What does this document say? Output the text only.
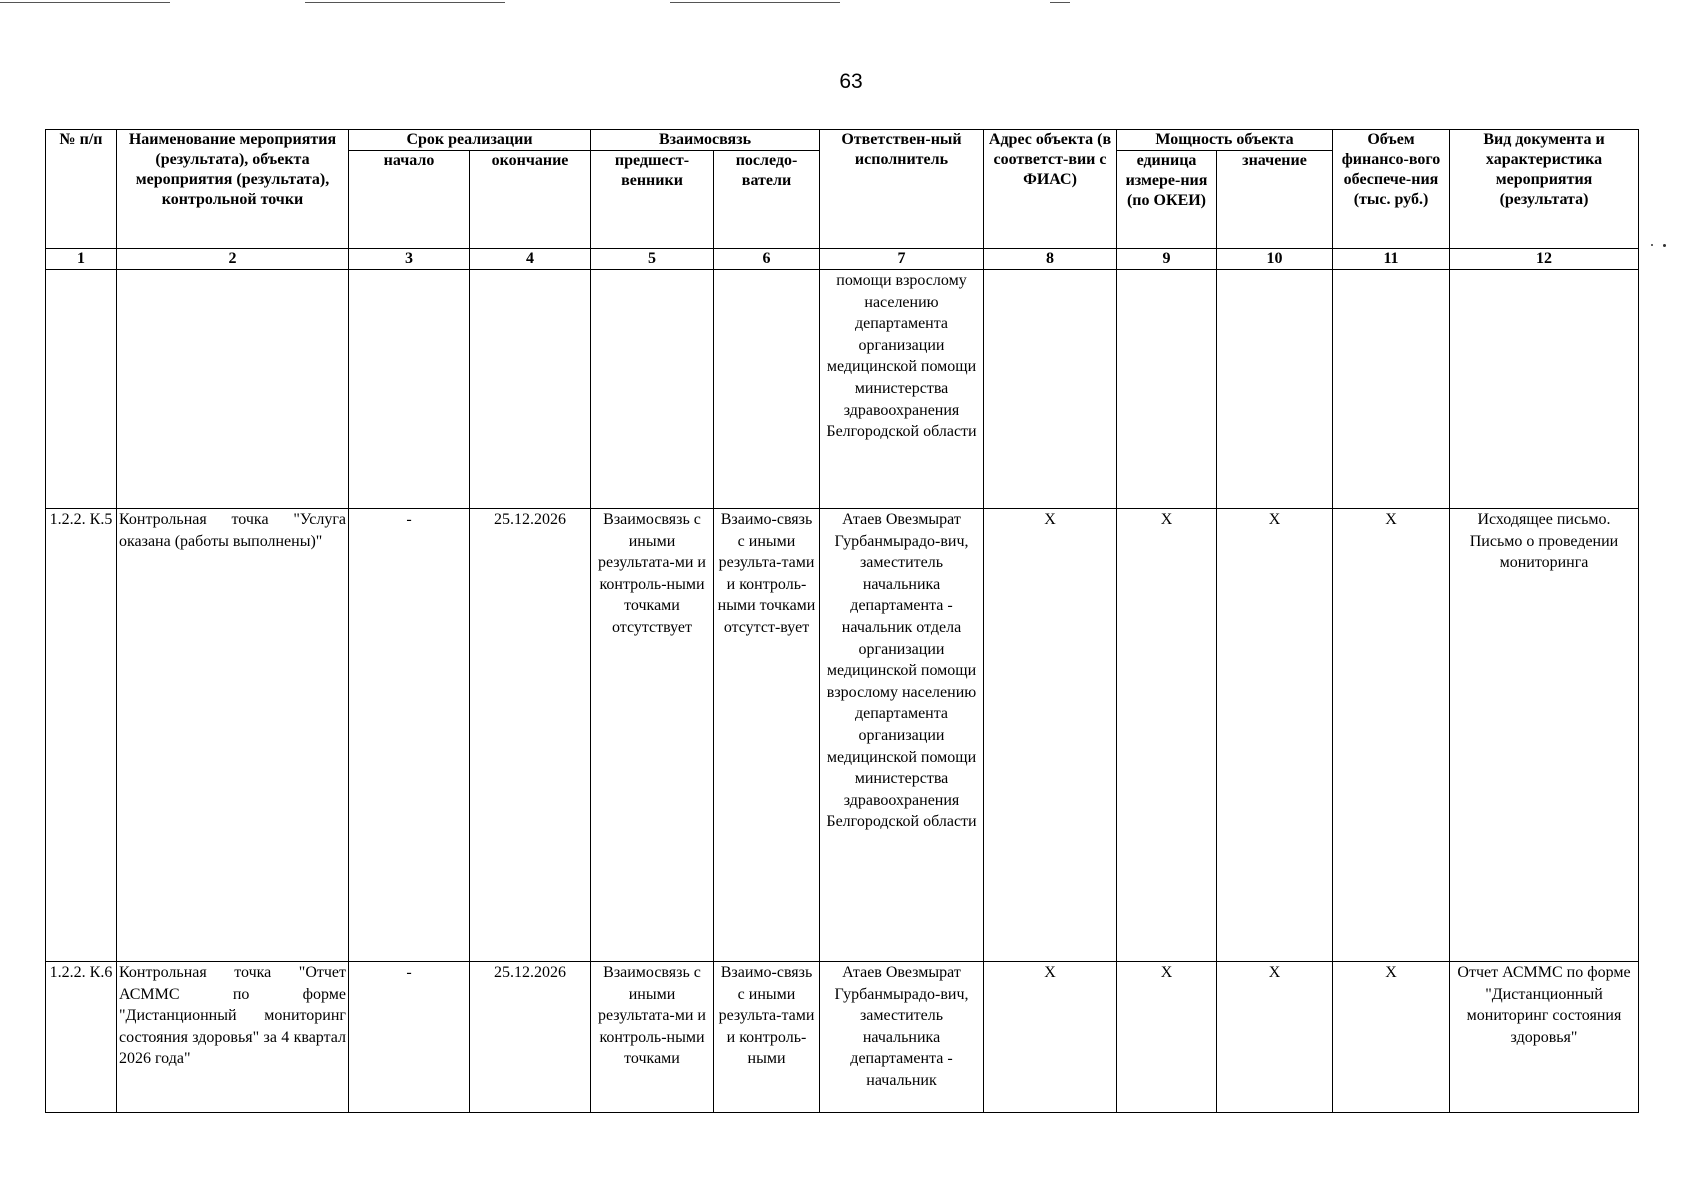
63
№ п/п	Наименование мероприятия (результата), объекта мероприятия (результата), контрольной точки	Срок реализации		Взаимосвязь		Ответствен-ный исполнитель	Адрес объекта (в соответст-вии с ФИАС)	Мощность объекта		Объем финансо-вого обеспече-ния (тыс. руб.)	Вид документа и характеристика мероприятия (результата)
		начало	окончание	предшест-венники	последо-ватели			единица измере-ния (по ОКЕИ)	значение		
1	2	3	4	5	6	7	8	9	10	11	12
						помощи взрослому населению департамента организации медицинской помощи министерства здравоохранения Белгородской области					
1.2.2. К.5	Контрольная точка "Услуга оказана (работы выполнены)"	-	25.12.2026	Взаимосвязь с иными результата-ми и контроль-ными точками отсутствует	Взаимо-связь с иными результа-тами и контроль-ными точками отсутст-вует	Атаев Овезмырат Гурбанмырадо-вич, заместитель начальника департамента - начальник отдела организации медицинской помощи взрослому населению департамента организации медицинской помощи министерства здравоохранения Белгородской области	X	X	X	X	Исходящее письмо. Письмо о проведении мониторинга
1.2.2. К.6	Контрольная точка "Отчет АСММС по форме "Дистанционный мониторинг состояния здоровья" за 4 квартал 2026 года"	-	25.12.2026	Взаимосвязь с иными результата-ми и контроль-ными точками	Взаимо-связь с иными результа-тами и контроль-ными	Атаев Овезмырат Гурбанмырадо-вич, заместитель начальника департамента - начальник	X	X	X	X	Отчет АСММС по форме "Дистанционный мониторинг состояния здоровья"
